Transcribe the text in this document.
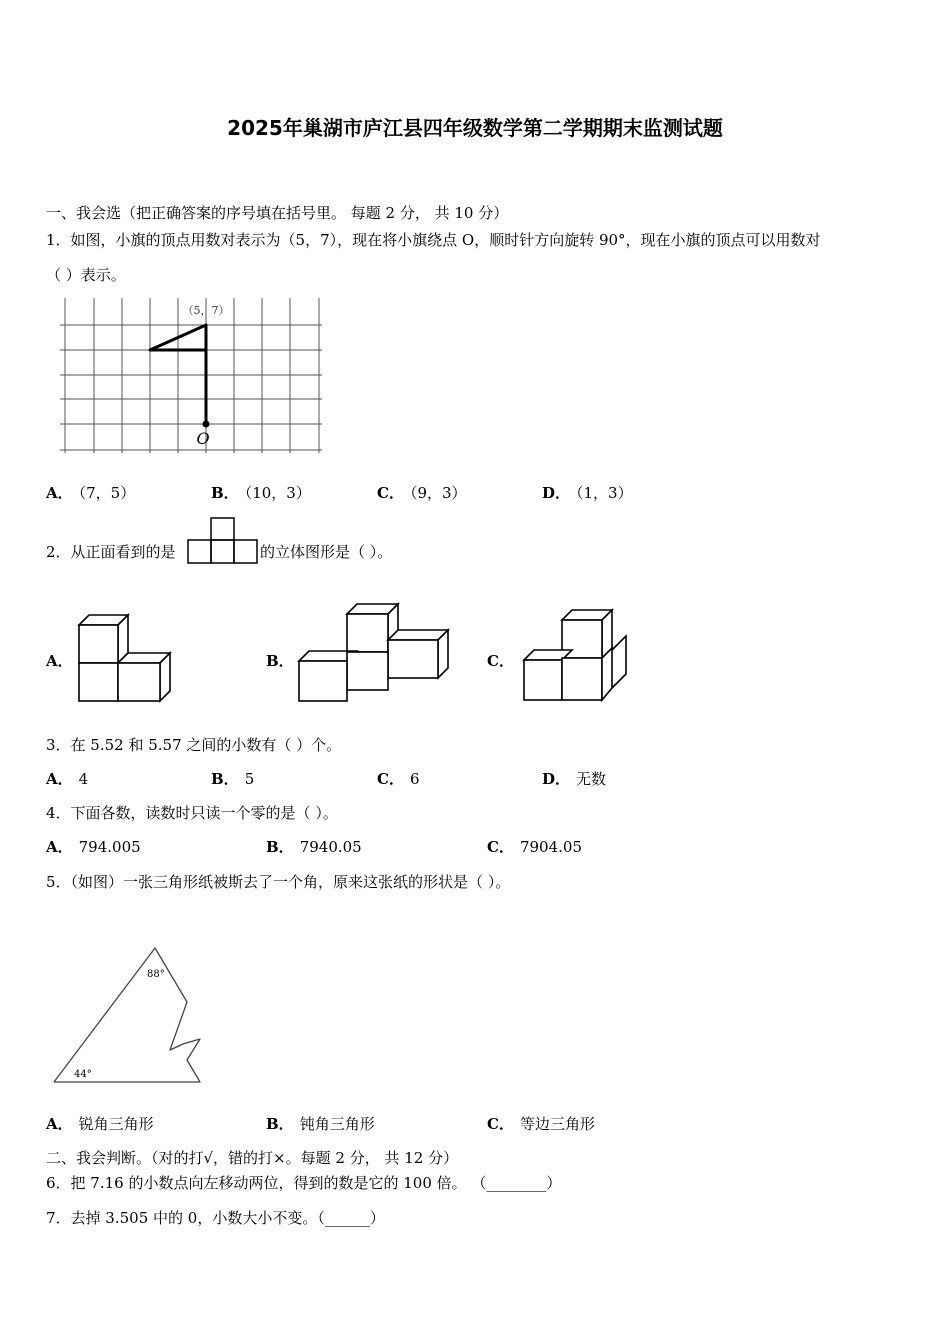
2025年巢湖市庐江县四年级数学第二学期期末监测试题
一、我会选（把正确答案的序号填在括号里。 每题 2 分， 共 10 分）
1．如图，小旗的顶点用数对表示为（5，7），现在将小旗绕点 O，顺时针方向旋转 90°，现在小旗的顶点可以用数对
（ ）表示。
（5，7）
O
A． （7，5）	B． （10，3）	C． （9，3）	D． （1，3）
2．从正面看到的是	的立体图形是（ ）。
A．	B．	C．
3．在 5.52 和 5.57 之间的小数有（ ）个。
A． 4	B． 5	C． 6	D． 无数
4．下面各数，读数时只读一个零的是（ ）。
A． 794.005	B． 7940.05	C． 7904.05
5．（如图）一张三角形纸被斯去了一个角，原来这张纸的形状是（ ）。
88°
44°
A． 锐角三角形	B． 钝角三角形	C． 等边三角形
二、我会判断。（对的打√，错的打×。每题 2 分， 共 12 分）
6．把 7.16 的小数点向左移动两位，得到的数是它的 100 倍。 （________）
7．去掉 3.505 中的 0，小数大小不变。（______）
